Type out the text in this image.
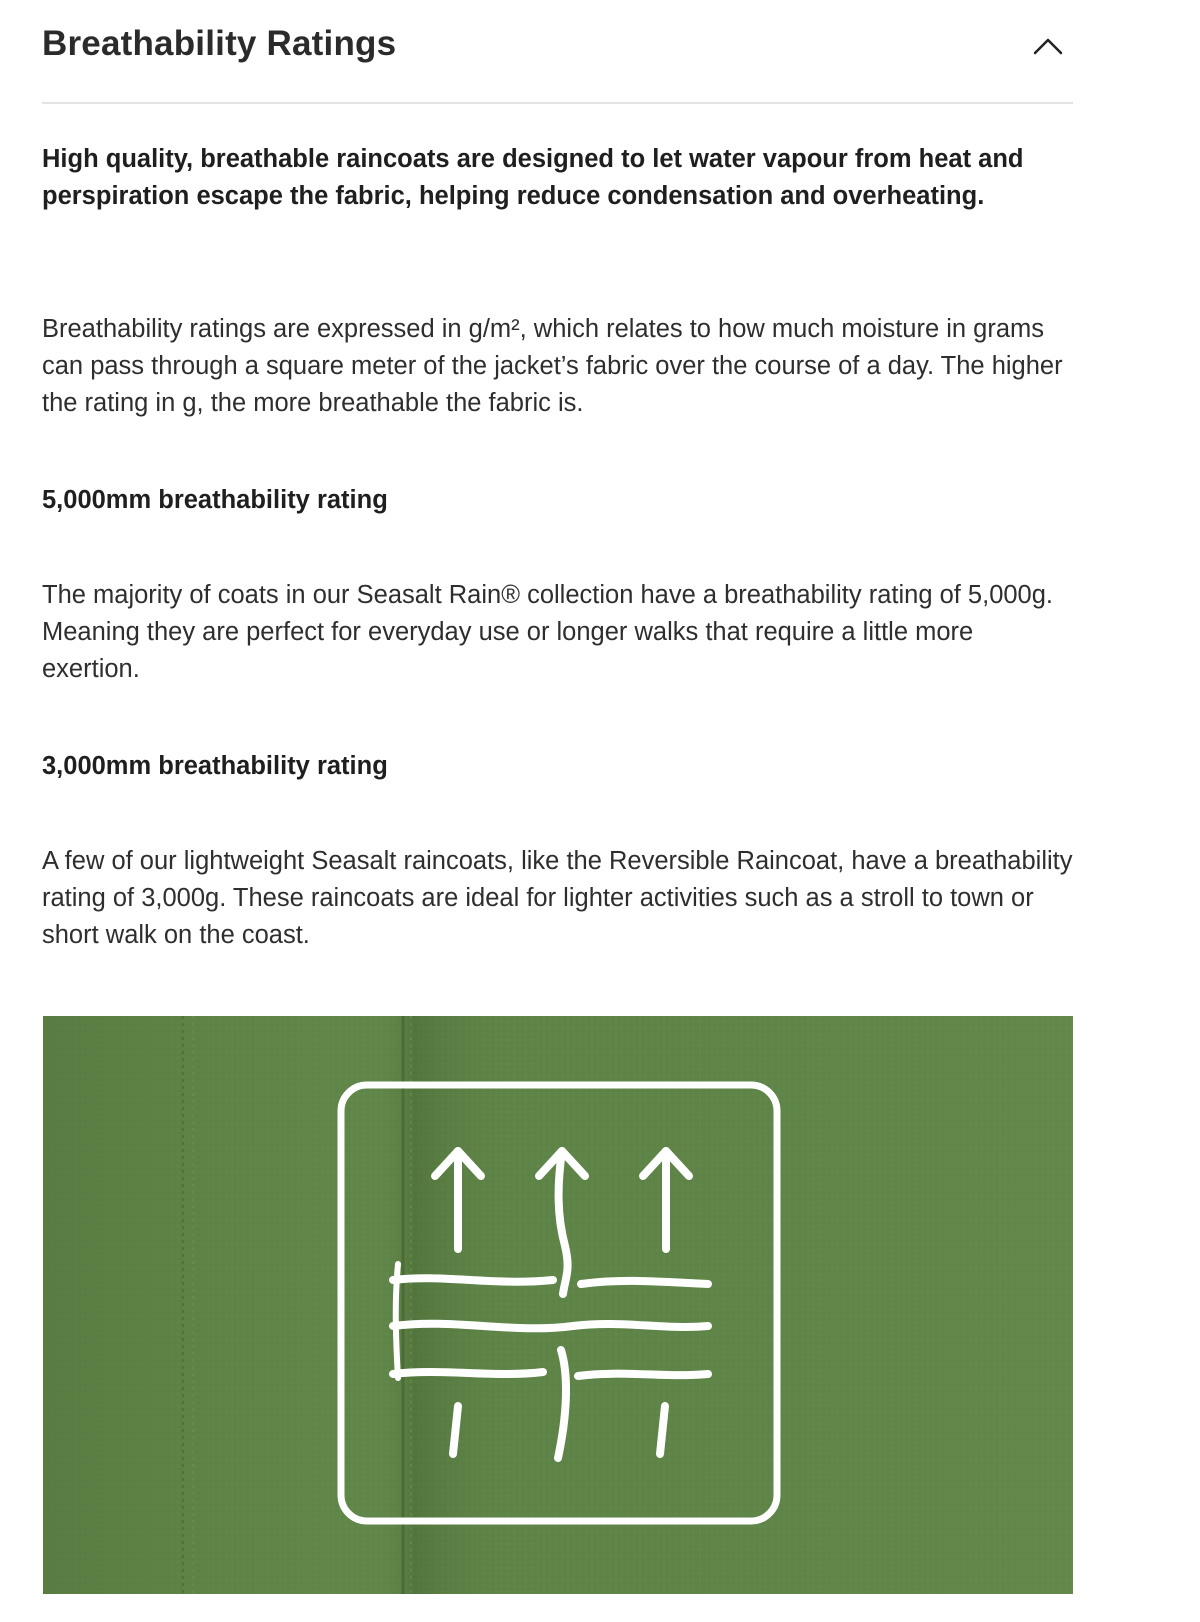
Breathability Ratings

High quality, breathable raincoats are designed to let water vapour from heat and perspiration escape the fabric, helping reduce condensation and overheating.

Breathability ratings are expressed in g/m², which relates to how much moisture in grams can pass through a square meter of the jacket’s fabric over the course of a day. The higher the rating in g, the more breathable the fabric is.

5,000mm breathability rating

The majority of coats in our Seasalt Rain® collection have a breathability rating of 5,000g. Meaning they are perfect for everyday use or longer walks that require a little more exertion.

3,000mm breathability rating

A few of our lightweight Seasalt raincoats, like the Reversible Raincoat, have a breathability rating of 3,000g. These raincoats are ideal for lighter activities such as a stroll to town or short walk on the coast.
